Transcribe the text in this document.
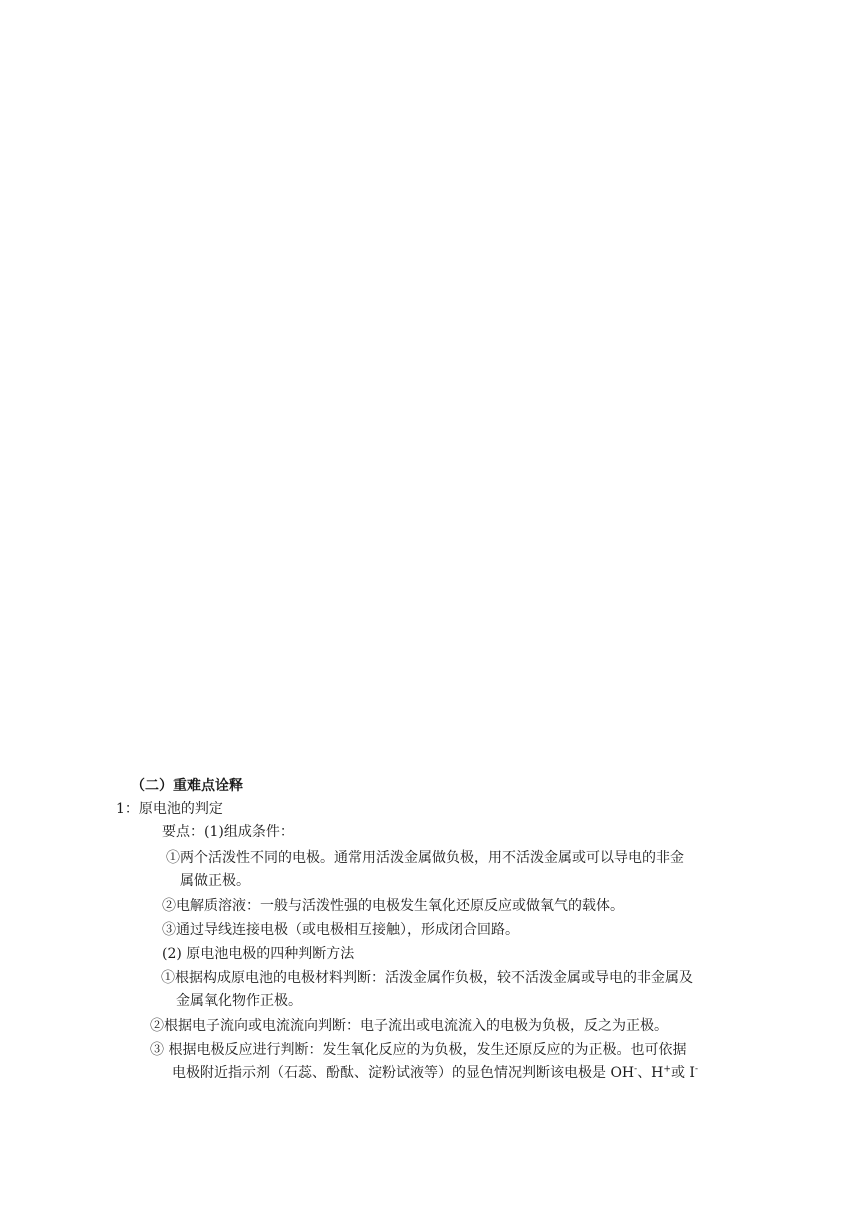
（二）重难点诠释
1：原电池的判定
要点：(1)组成条件：
①两个活泼性不同的电极。通常用活泼金属做负极，用不活泼金属或可以导电的非金
属做正极。
②电解质溶液：一般与活泼性强的电极发生氧化还原反应或做氧气的载体。
③通过导线连接电极（或电极相互接触），形成闭合回路。
(2) 原电池电极的四种判断方法
①根据构成原电池的电极材料判断：活泼金属作负极，较不活泼金属或导电的非金属及
金属氧化物作正极。
②根据电子流向或电流流向判断：电子流出或电流流入的电极为负极，反之为正极。
③ 根据电极反应进行判断：发生氧化反应的为负极，发生还原反应的为正极。也可依据
电极附近指示剂（石蕊、酚酞、淀粉试液等）的显色情况判断该电极是 OH-、H+或 I-
